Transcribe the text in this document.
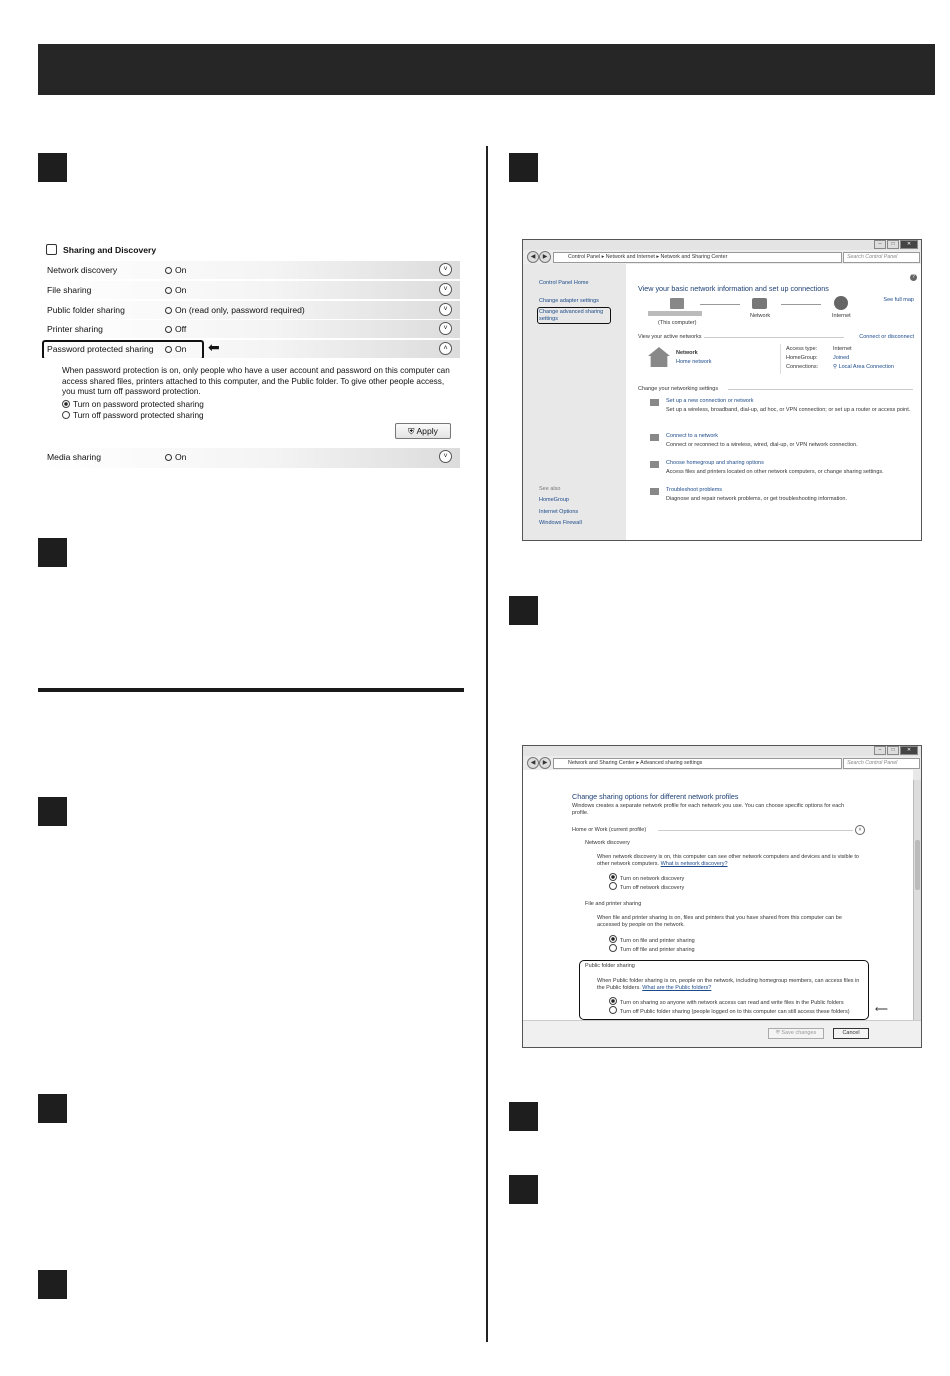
Sharing and Discovery
Network discovery	On	˅
File sharing	On	˅
Public folder sharing	On (read only, password required)	˅
Printer sharing	Off	˅
Password protected sharing On	˄
⬅
When password protection is on, only people who have a user account and password on this computer can access shared files, printers attached to this computer, and the Public folder. To give other people access, you must turn off password protection.
Turn on password protected sharing
Turn off password protected sharing
⛨ Apply
Media sharing	On	˅
–	□	✕
◀	▶	Control Panel ▸ Network and Internet ▸ Network and Sharing Center	Search Control Panel
Control Panel Home
Change adapter settings
Change advanced sharing settings
See also
HomeGroup
Internet Options
Windows Firewall
View your basic network information and set up connections
See full map
(This computer)
Network	Internet
View your active networks	Connect or disconnect
Network
Home network
Access type:	Internet
HomeGroup:	Joined
Connections:	⚲ Local Area Connection
Change your networking settings
Set up a new connection or network
Set up a wireless, broadband, dial-up, ad hoc, or VPN connection; or set up a router or access point.
Connect to a network
Connect or reconnect to a wireless, wired, dial-up, or VPN network connection.
Choose homegroup and sharing options
Access files and printers located on other network computers, or change sharing settings.
Troubleshoot problems
Diagnose and repair network problems, or get troubleshooting information.
?
–	□	✕
◀	▶	Network and Sharing Center ▸ Advanced sharing settings	Search Control Panel
Change sharing options for different network profiles
Windows creates a separate network profile for each network you use. You can choose specific options for each profile.
Home or Work (current profile)	˄
Network discovery
When network discovery is on, this computer can see other network computers and devices and is visible to other network computers. What is network discovery?
Turn on network discovery
Turn off network discovery
File and printer sharing
When file and printer sharing is on, files and printers that you have shared from this computer can be accessed by people on the network.
Turn on file and printer sharing
Turn off file and printer sharing
Public folder sharing
When Public folder sharing is on, people on the network, including homegroup members, can access files in the Public folders. What are the Public folders?
Turn on sharing so anyone with network access can read and write files in the Public folders
Turn off Public folder sharing (people logged on to this computer can still access these folders)	⟵
⛨ Save changes	Cancel
